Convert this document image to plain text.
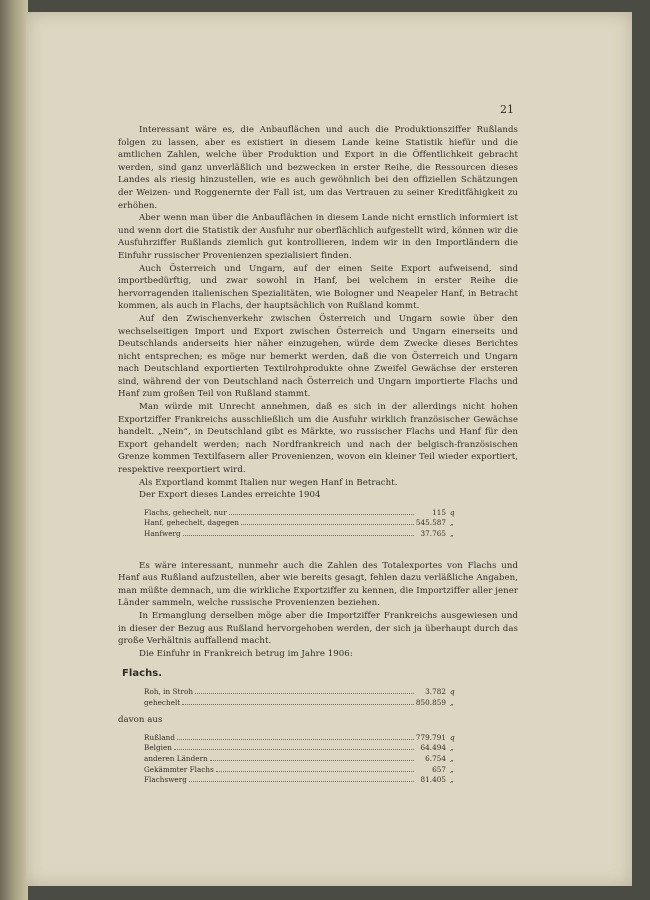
21

Interessant wäre es, die Anbauflächen und auch die Produktionsziffer Rußlands folgen zu lassen, aber es existiert in diesem Lande keine Statistik hiefür und die amtlichen Zahlen, welche über Produktion und Export in die Öffentlichkeit gebracht werden, sind ganz unverläßlich und bezwecken in erster Reihe, die Ressourcen dieses Landes als riesig hinzustellen, wie es auch gewöhnlich bei den offiziellen Schätzungen der Weizen- und Roggenernte der Fall ist, um das Vertrauen zu seiner Kreditfähigkeit zu erhöhen.

Aber wenn man über die Anbauflächen in diesem Lande nicht ernstlich informiert ist und wenn dort die Statistik der Ausfuhr nur oberflächlich aufgestellt wird, können wir die Ausfuhrziffer Rußlands ziemlich gut kontrollieren, indem wir in den Importländern die Einfuhr russischer Provenienzen spezialisiert finden.

Auch Österreich und Ungarn, auf der einen Seite Export aufweisend, sind importbedürftig, und zwar sowohl in Hanf, bei welchem in erster Reihe die hervorragenden italienischen Spezialitäten, wie Bologner und Neapeler Hanf, in Betracht kommen, als auch in Flachs, der hauptsächlich von Rußland kommt.

Auf den Zwischenverkehr zwischen Österreich und Ungarn sowie über den wechselseitigen Import und Export zwischen Österreich und Ungarn einerseits und Deutschlands anderseits hier näher einzugehen, würde dem Zwecke dieses Berichtes nicht entsprechen; es möge nur bemerkt werden, daß die von Österreich und Ungarn nach Deutschland exportierten Textilrohprodukte ohne Zweifel Gewächse der ersteren sind, während der von Deutschland nach Österreich und Ungarn importierte Flachs und Hanf zum großen Teil von Rußland stammt.

Man würde mit Unrecht annehmen, daß es sich in der allerdings nicht hohen Exportziffer Frankreichs ausschließlich um die Ausfuhr wirklich französischer Gewächse handelt. „Nein“, in Deutschland gibt es Märkte, wo russischer Flachs und Hanf für den Export gehandelt werden; nach Nordfrankreich und nach der belgisch-französischen Grenze kommen Textilfasern aller Provenienzen, wovon ein kleiner Teil wieder exportiert, respektive reexportiert wird.

Als Exportland kommt Italien nur wegen Hanf in Betracht.

Der Export dieses Landes erreichte 1904

Flachs, gehechelt, nur	115 q
Hanf, gehechelt, dagegen	545.587 „
Hanfwerg	37.765 „

Es wäre interessant, nunmehr auch die Zahlen des Totalexportes von Flachs und Hanf aus Rußland aufzustellen, aber wie bereits gesagt, fehlen dazu verläßliche Angaben, man müßte demnach, um die wirkliche Exportziffer zu kennen, die Importziffer aller jener Länder sammeln, welche russische Provenienzen beziehen.

In Ermanglung derselben möge aber die Importziffer Frankreichs ausgewiesen und in dieser der Bezug aus Rußland hervorgehoben werden, der sich ja überhaupt durch das große Verhältnis auffallend macht.

Die Einfuhr in Frankreich betrug im Jahre 1906:

Flachs.
Roh, in Stroh	3.782 q
gehechelt	850.859 „
davon aus
Rußland	779.791 q
Belgien	64.494 „
anderen Ländern	6.754 „
Gekämmter Flachs	657 „
Flachswerg	81.405 „
